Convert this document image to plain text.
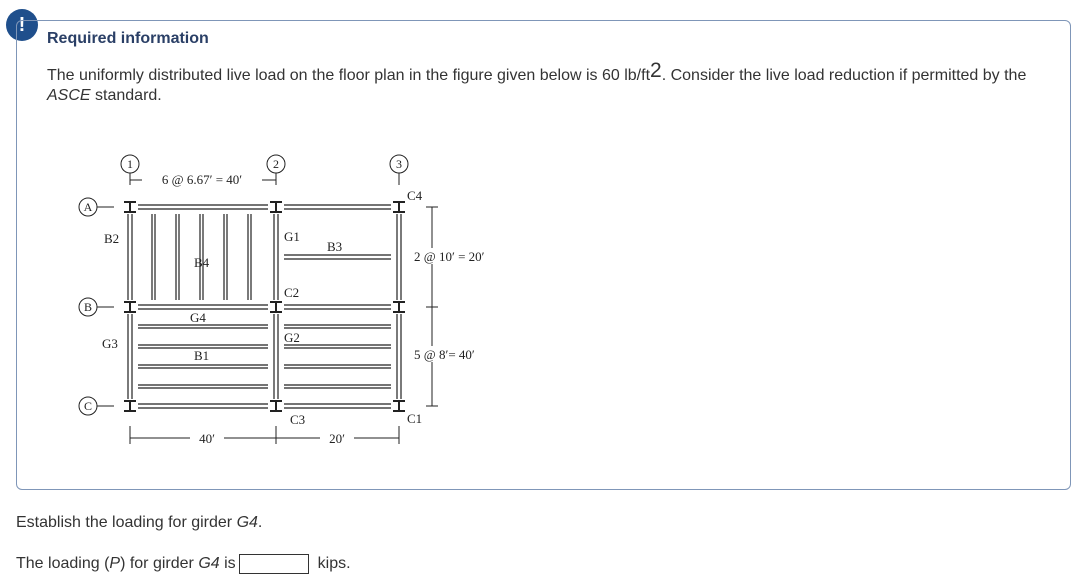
!
Required information
The uniformly distributed live load on the floor plan in the figure given below is 60 $lb/ft^2$. Consider the live load reduction if permitted by the ASCE standard.
1	2	3
A
B
C
6 @ 6.67′ = 40′
2 @ 10′ = 20′
5 @ 8′= 40′
40′	20′
B2
B4
G1
B3
C2
C4
G4
G3	G2
B1
C3	C1
Establish the loading for girder G4.
The loading (P) for girder G4 is	kips.
